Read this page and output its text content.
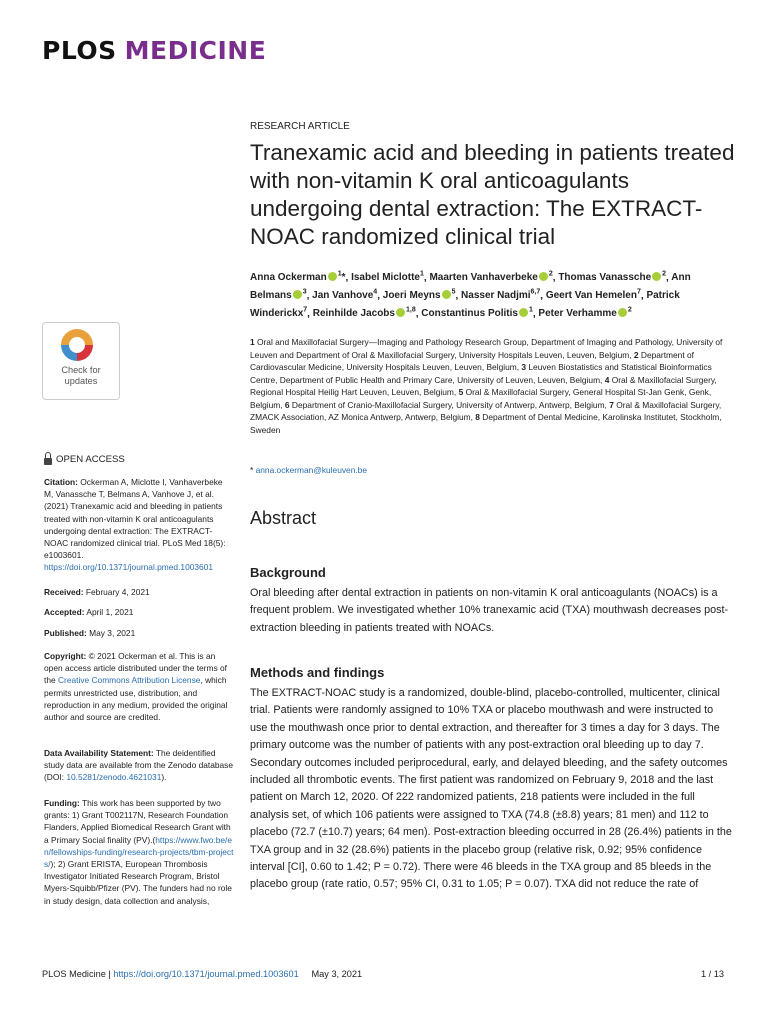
PLOS MEDICINE
Check for
updates
OPEN ACCESS

Citation: Ockerman A, Miclotte I, Vanhaverbeke M, Vanassche T, Belmans A, Vanhove J, et al. (2021) Tranexamic acid and bleeding in patients treated with non-vitamin K oral anticoagulants undergoing dental extraction: The EXTRACT-NOAC randomized clinical trial. PLoS Med 18(5): e1003601. https://doi.org/10.1371/journal.pmed.1003601

Received: February 4, 2021

Accepted: April 1, 2021

Published: May 3, 2021

Copyright: © 2021 Ockerman et al. This is an open access article distributed under the terms of the Creative Commons Attribution License, which permits unrestricted use, distribution, and reproduction in any medium, provided the original author and source are credited.

Data Availability Statement: The deidentified study data are available from the Zenodo database (DOI: 10.5281/zenodo.4621031).

Funding: This work has been supported by two grants: 1) Grant T002117N, Research Foundation Flanders, Applied Biomedical Research Grant with a Primary Social finality (PV).(https://www.fwo.be/en/fellowships-funding/research-projects/tbm-projects/); 2) Grant ERISTA, European Thrombosis Investigator Initiated Research Program, Bristol Myers-Squibb/Pfizer (PV). The funders had no role in study design, data collection and analysis,

RESEARCH ARTICLE
Tranexamic acid and bleeding in patients treated with non-vitamin K oral anticoagulants undergoing dental extraction: The EXTRACT-NOAC randomized clinical trial

Anna Ockerman $^1$*, Isabel Miclotte$^1$, Maarten Vanhaverbeke $^2$, Thomas Vanassche $^2$, Ann Belmans $^3$, Jan Vanhove$^4$, Joeri Meyns $^5$, Nasser Nadjmi$^{6,7}$, Geert Van Hemelen$^7$, Patrick Winderickx$^7$, Reinhilde Jacobs $^{1,8}$, Constantinus Politis $^1$, Peter Verhamme $^2$

1 Oral and Maxillofacial Surgery—Imaging and Pathology Research Group, Department of Imaging and Pathology, University of Leuven and Department of Oral & Maxillofacial Surgery, University Hospitals Leuven, Leuven, Belgium, 2 Department of Cardiovascular Medicine, University Hospitals Leuven, Leuven, Belgium, 3 Leuven Biostatistics and Statistical Bioinformatics Centre, Department of Public Health and Primary Care, University of Leuven, Leuven, Belgium, 4 Oral & Maxillofacial Surgery, Regional Hospital Heilig Hart Leuven, Leuven, Belgium, 5 Oral & Maxillofacial Surgery, General Hospital St-Jan Genk, Genk, Belgium, 6 Department of Cranio-Maxillofacial Surgery, University of Antwerp, Antwerp, Belgium, 7 Oral & Maxillofacial Surgery, ZMACK Association, AZ Monica Antwerp, Antwerp, Belgium, 8 Department of Dental Medicine, Karolinska Institutet, Stockholm, Sweden

* anna.ockerman@kuleuven.be
Abstract
Background

Oral bleeding after dental extraction in patients on non-vitamin K oral anticoagulants (NOACs) is a frequent problem. We investigated whether 10% tranexamic acid (TXA) mouthwash decreases post-extraction bleeding in patients treated with NOACs.

Methods and findings

The EXTRACT-NOAC study is a randomized, double-blind, placebo-controlled, multicenter, clinical trial. Patients were randomly assigned to 10% TXA or placebo mouthwash and were instructed to use the mouthwash once prior to dental extraction, and thereafter for 3 times a day for 3 days. The primary outcome was the number of patients with any post-extraction oral bleeding up to day 7. Secondary outcomes included periprocedural, early, and delayed bleeding, and the safety outcomes included all thrombotic events. The first patient was randomized on February 9, 2018 and the last patient on March 12, 2020. Of 222 randomized patients, 218 patients were included in the full analysis set, of which 106 patients were assigned to TXA (74.8 (±8.8) years; 81 men) and 112 to placebo (72.7 (±10.7) years; 64 men). Post-extraction bleeding occurred in 28 (26.4%) patients in the TXA group and in 32 (28.6%) patients in the placebo group (relative risk, 0.92; 95% confidence interval [CI], 0.60 to 1.42; P = 0.72). There were 46 bleeds in the TXA group and 85 bleeds in the placebo group (rate ratio, 0.57; 95% CI, 0.31 to 1.05; P = 0.07). TXA did not reduce the rate of

PLOS Medicine | https://doi.org/10.1371/journal.pmed.1003601 May 3, 2021	1 / 13
